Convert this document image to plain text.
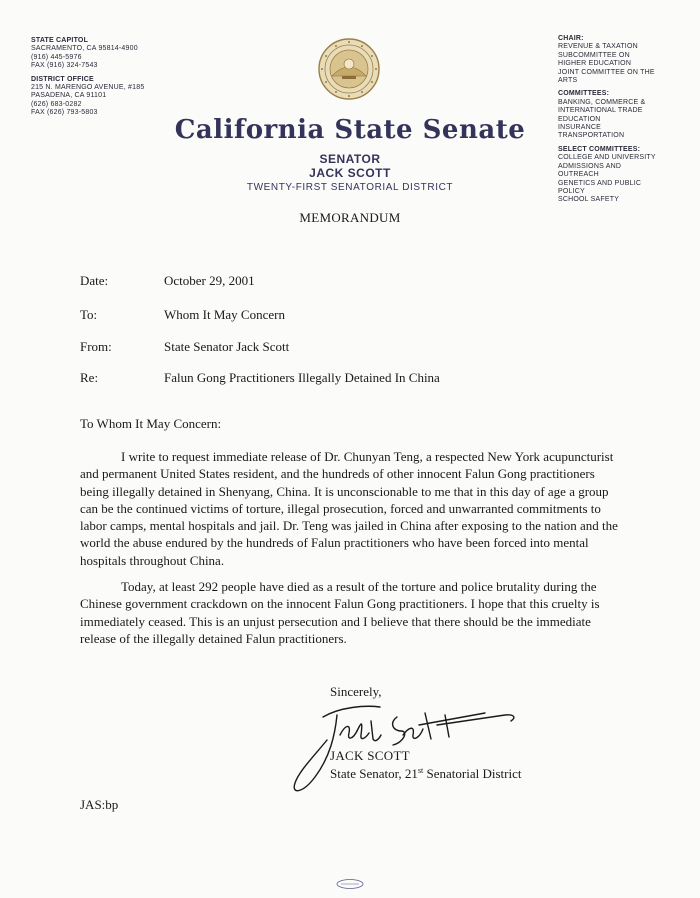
STATE CAPITOL
SACRAMENTO, CA 95814-4900
(916) 445-5976
FAX (916) 324-7543
DISTRICT OFFICE
215 N. MARENGO AVENUE, #185
PASADENA, CA 91101
(626) 683-0282
FAX (626) 793-5803
California State Senate
SENATOR
JACK SCOTT
TWENTY-FIRST SENATORIAL DISTRICT
CHAIR:
REVENUE & TAXATION
SUBCOMMITTEE ON
HIGHER EDUCATION
JOINT COMMITTEE ON THE
ARTS
COMMITTEES:
BANKING, COMMERCE &
INTERNATIONAL TRADE
EDUCATION
INSURANCE
TRANSPORTATION
SELECT COMMITTEES:
COLLEGE AND UNIVERSITY
ADMISSIONS AND
OUTREACH
GENETICS AND PUBLIC
POLICY
SCHOOL SAFETY
MEMORANDUM
Date:	October 29, 2001
To:	Whom It May Concern
From:	State Senator Jack Scott
Re:	Falun Gong Practitioners Illegally Detained In China
To Whom It May Concern:
I write to request immediate release of Dr. Chunyan Teng, a respected New York acupuncturist and permanent United States resident, and the hundreds of other innocent Falun Gong practitioners being illegally detained in Shenyang, China. It is unconscionable to me that in this day of age a group can be the continued victims of torture, illegal prosecution, forced and unwarranted commitments to labor camps, mental hospitals and jail. Dr. Teng was jailed in China after exposing to the nation and the world the abuse endured by the hundreds of Falun practitioners who have been forced into mental hospitals throughout China.
Today, at least 292 people have died as a result of the torture and police brutality during the Chinese government crackdown on the innocent Falun Gong practitioners. I hope that this cruelty is immediately ceased. This is an unjust persecution and I believe that there should be the immediate release of the illegally detained Falun practitioners.
Sincerely,
JACK SCOTT
State Senator, 21st Senatorial District
JAS:bp
